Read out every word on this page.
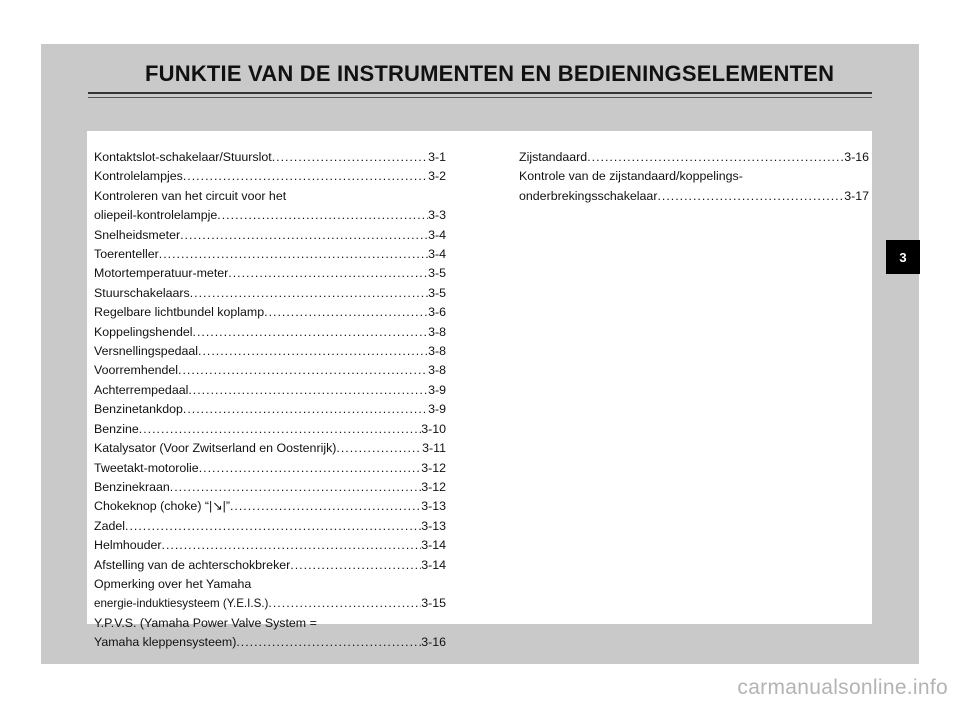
FUNKTIE VAN DE INSTRUMENTEN EN BEDIENINGSELEMENTEN
Kontaktslot-schakelaar/Stuurslot .....	3-1
Kontrolelampjes .....	3-2
Kontroleren van het circuit voor het
oliepeil-kontrolelampje .....	3-3
Snelheidsmeter .....	3-4
Toerenteller .....	3-4
Motortemperatuur-meter .....	3-5
Stuurschakelaars .....	3-5
Regelbare lichtbundel koplamp .....	3-6
Koppelingshendel .....	3-8
Versnellingspedaal .....	3-8
Voorremhendel .....	3-8
Achterrempedaal .....	3-9
Benzinetankdop .....	3-9
Benzine .....	3-10
Katalysator (Voor Zwitserland en Oostenrijk) .....	3-11
Tweetakt-motorolie .....	3-12
Benzinekraan .....	3-12
Chokeknop (choke) “|↘|” .....	3-13
Zadel .....	3-13
Helmhouder .....	3-14
Afstelling van de achterschokbreker .....	3-14
Opmerking over het Yamaha
energie-induktiesysteem (Y.E.I.S.) .....	3-15
Y.P.V.S. (Yamaha Power Valve System =
Yamaha kleppensysteem) .....	3-16
Zijstandaard .....	3-16
Kontrole van de zijstandaard/koppelings-
onderbrekingsschakelaar .....	3-17
3
carmanualsonline.info
